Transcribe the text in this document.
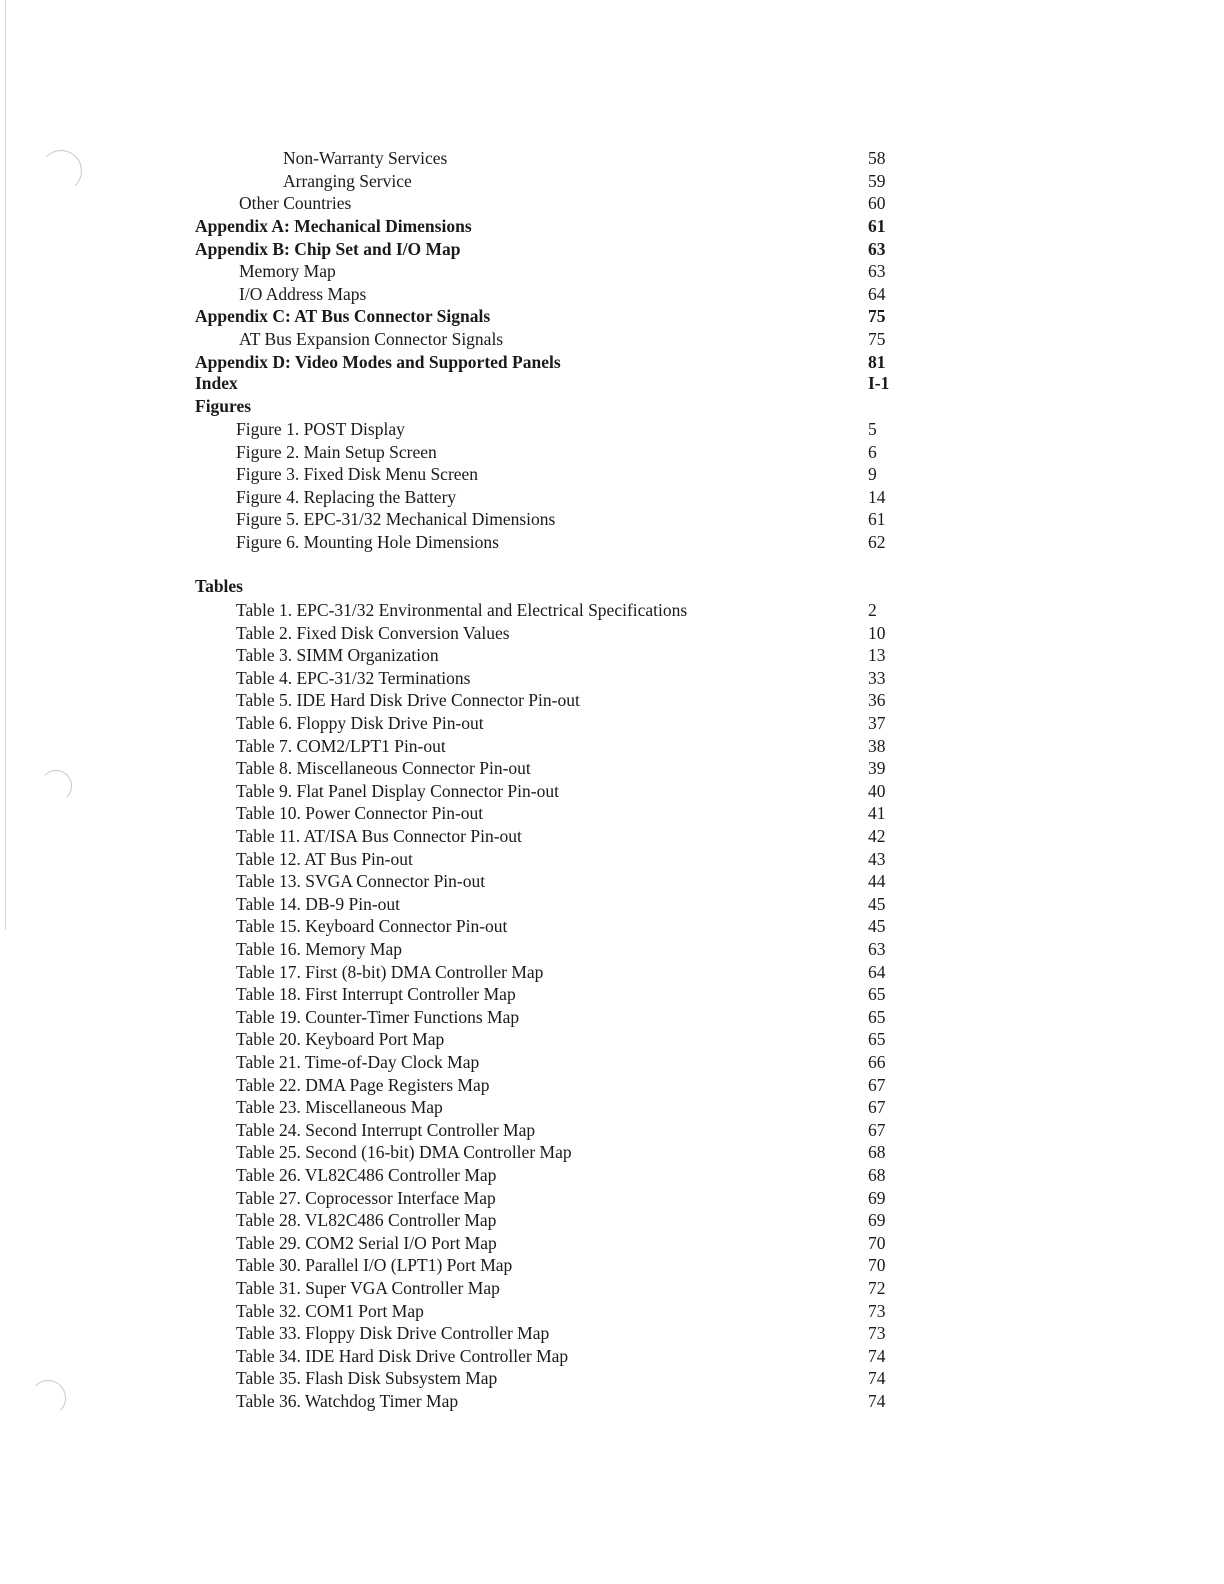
Non-Warranty Services	58
Arranging Service	59
Other Countries	60
Appendix A: Mechanical Dimensions	61
Appendix B: Chip Set and I/O Map	63
Memory Map	63
I/O Address Maps	64
Appendix C: AT Bus Connector Signals	75
AT Bus Expansion Connector Signals	75
Appendix D: Video Modes and Supported Panels	81
Index	I-1
Figures
Figure 1. POST Display	5
Figure 2. Main Setup Screen	6
Figure 3. Fixed Disk Menu Screen	9
Figure 4. Replacing the Battery	14
Figure 5. EPC-31/32 Mechanical Dimensions	61
Figure 6. Mounting Hole Dimensions	62
Tables
Table 1. EPC-31/32 Environmental and Electrical Specifications	2
Table 2. Fixed Disk Conversion Values	10
Table 3. SIMM Organization	13
Table 4. EPC-31/32 Terminations	33
Table 5. IDE Hard Disk Drive Connector Pin-out	36
Table 6. Floppy Disk Drive Pin-out	37
Table 7. COM2/LPT1 Pin-out	38
Table 8. Miscellaneous Connector Pin-out	39
Table 9. Flat Panel Display Connector Pin-out	40
Table 10. Power Connector Pin-out	41
Table 11. AT/ISA Bus Connector Pin-out	42
Table 12. AT Bus Pin-out	43
Table 13. SVGA Connector Pin-out	44
Table 14. DB-9 Pin-out	45
Table 15. Keyboard Connector Pin-out	45
Table 16. Memory Map	63
Table 17. First (8-bit) DMA Controller Map	64
Table 18. First Interrupt Controller Map	65
Table 19. Counter-Timer Functions Map	65
Table 20. Keyboard Port Map	65
Table 21. Time-of-Day Clock Map	66
Table 22. DMA Page Registers Map	67
Table 23. Miscellaneous Map	67
Table 24. Second Interrupt Controller Map	67
Table 25. Second (16-bit) DMA Controller Map	68
Table 26. VL82C486 Controller Map	68
Table 27. Coprocessor Interface Map	69
Table 28. VL82C486 Controller Map	69
Table 29. COM2 Serial I/O Port Map	70
Table 30. Parallel I/O (LPT1) Port Map	70
Table 31. Super VGA Controller Map	72
Table 32. COM1 Port Map	73
Table 33. Floppy Disk Drive Controller Map	73
Table 34. IDE Hard Disk Drive Controller Map	74
Table 35. Flash Disk Subsystem Map	74
Table 36. Watchdog Timer Map	74
